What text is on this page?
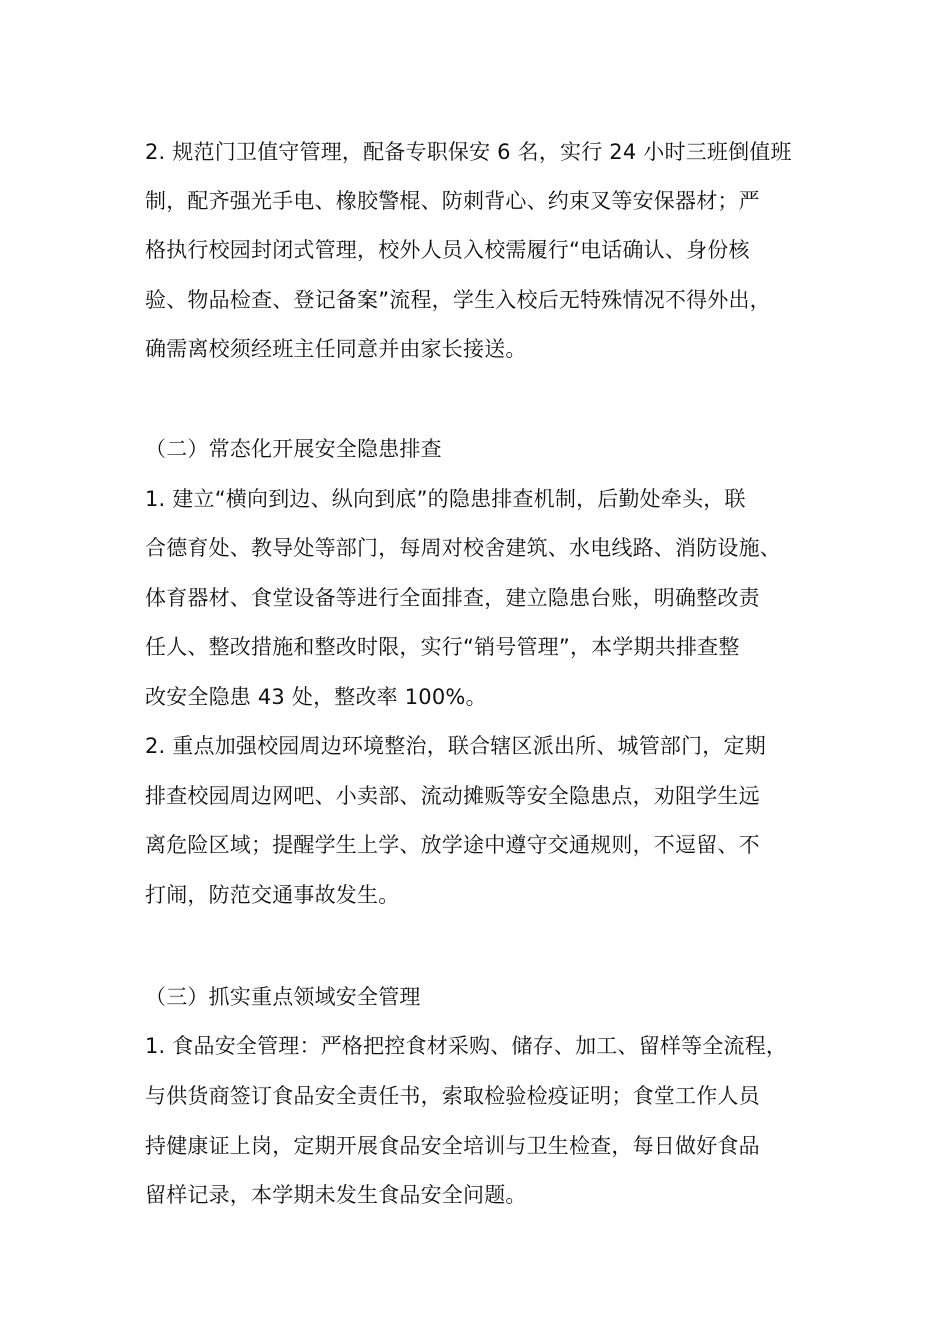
2. 规范门卫值守管理，配备专职保安 6 名，实行 24 小时三班倒值班
制，配齐强光手电、橡胶警棍、防刺背心、约束叉等安保器材；严
格执行校园封闭式管理，校外人员入校需履行“电话确认、身份核
验、物品检查、登记备案”流程，学生入校后无特殊情况不得外出，
确需离校须经班主任同意并由家长接送。
（二）常态化开展安全隐患排查
1. 建立“横向到边、纵向到底”的隐患排查机制，后勤处牵头，联
合德育处、教导处等部门，每周对校舍建筑、水电线路、消防设施、
体育器材、食堂设备等进行全面排查，建立隐患台账，明确整改责
任人、整改措施和整改时限，实行“销号管理”，本学期共排查整
改安全隐患 43 处，整改率 100%。
2. 重点加强校园周边环境整治，联合辖区派出所、城管部门，定期
排查校园周边网吧、小卖部、流动摊贩等安全隐患点，劝阻学生远
离危险区域；提醒学生上学、放学途中遵守交通规则，不逗留、不
打闹，防范交通事故发生。
（三）抓实重点领域安全管理
1. 食品安全管理：严格把控食材采购、储存、加工、留样等全流程，
与供货商签订食品安全责任书，索取检验检疫证明；食堂工作人员
持健康证上岗，定期开展食品安全培训与卫生检查，每日做好食品
留样记录，本学期未发生食品安全问题。
